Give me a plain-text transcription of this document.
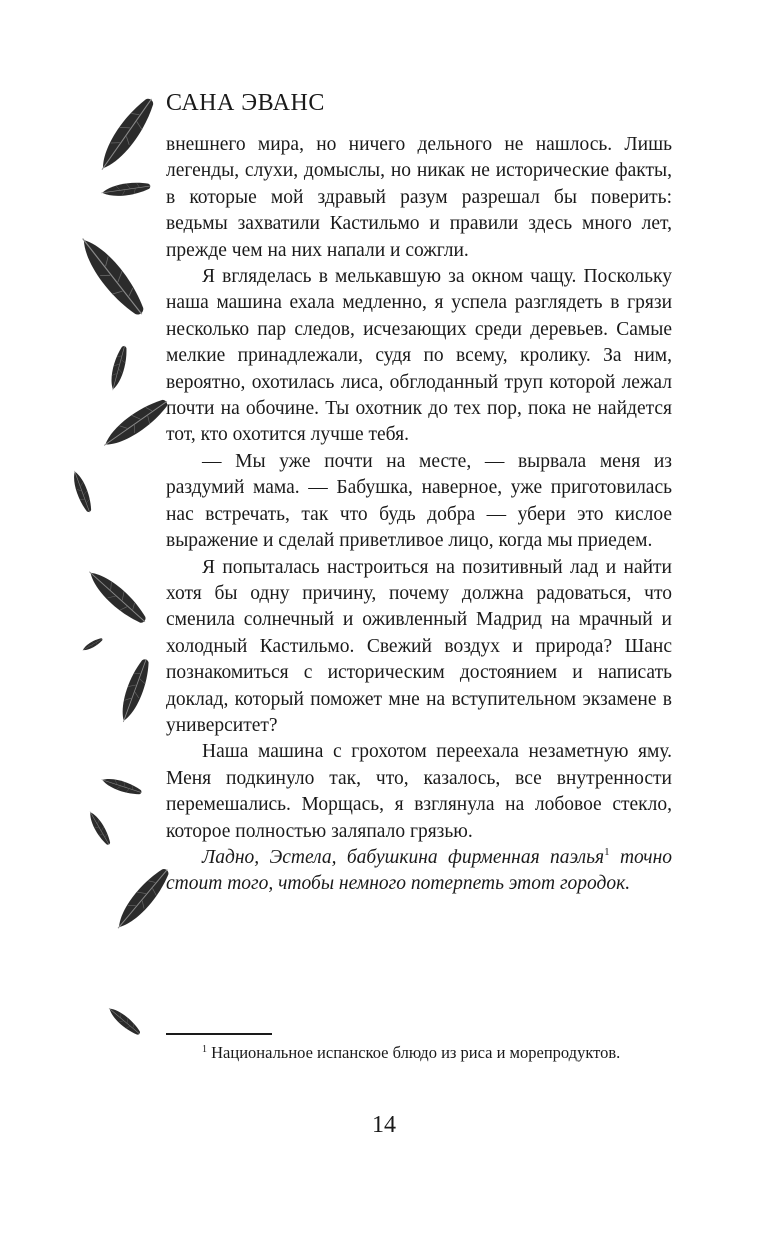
САНА ЭВАНС

внешнего мира, но ничего дельного не нашлось. Лишь легенды, слухи, домыслы, но никак не исторические факты, в которые мой здравый разум разрешал бы поверить: ведьмы захватили Кастильмо и правили здесь много лет, прежде чем на них напали и сожгли.

Я вгляделась в мелькавшую за окном чащу. Поскольку наша машина ехала медленно, я успела разглядеть в грязи несколько пар следов, исчезающих среди деревьев. Самые мелкие принадлежали, судя по всему, кролику. За ним, вероятно, охотилась лиса, обглоданный труп которой лежал почти на обочине. Ты охотник до тех пор, пока не найдется тот, кто охотится лучше тебя.

— Мы уже почти на месте, — вырвала меня из раздумий мама. — Бабушка, наверное, уже приготовилась нас встречать, так что будь добра — убери это кислое выражение и сделай приветливое лицо, когда мы приедем.

Я попыталась настроиться на позитивный лад и найти хотя бы одну причину, почему должна радоваться, что сменила солнечный и оживленный Мадрид на мрачный и холодный Кастильмо. Свежий воздух и природа? Шанс познакомиться с историческим достоянием и написать доклад, который поможет мне на вступительном экзамене в университет?

Наша машина с грохотом переехала незаметную яму. Меня подкинуло так, что, казалось, все внутренности перемешались. Морщась, я взглянула на лобовое стекло, которое полностью заляпало грязью.

Ладно, Эстела, бабушкина фирменная паэлья$^1$ точно стоит того, чтобы немного потерпеть этот городок.

$^1$ Национальное испанское блюдо из риса и морепродуктов.
14
